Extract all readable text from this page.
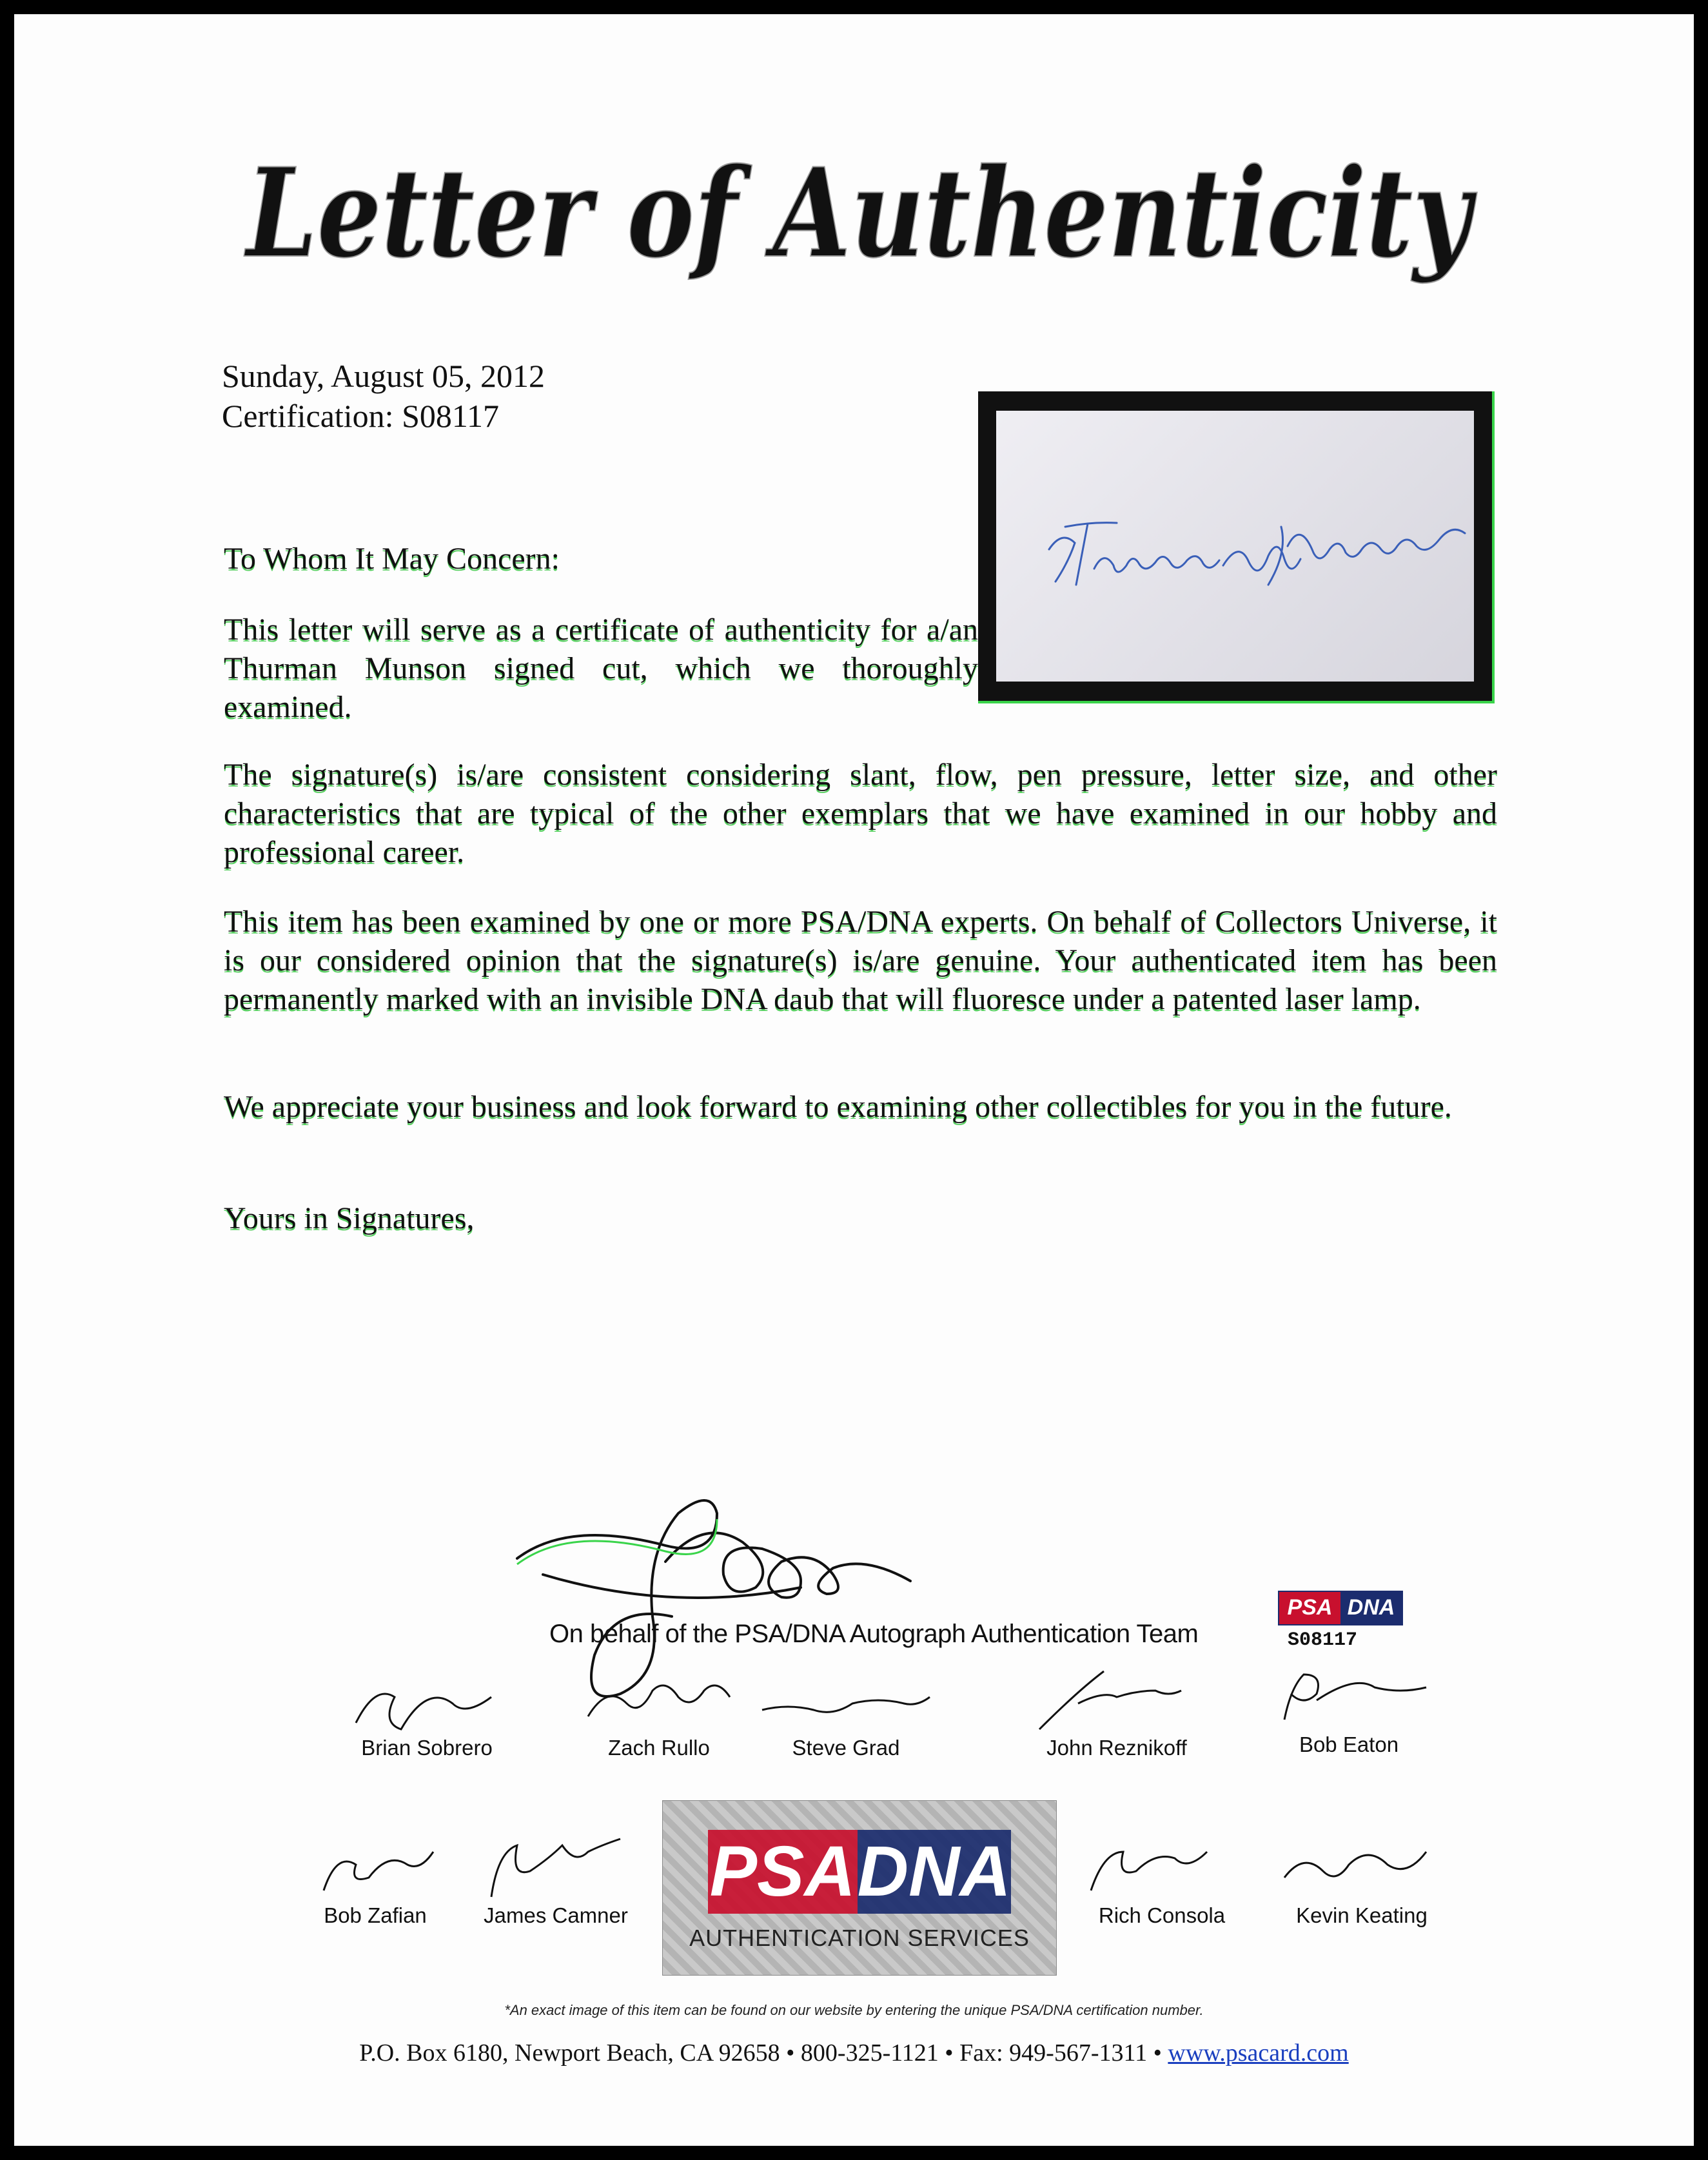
Letter of Authenticity
Sunday, August 05, 2012
Certification: S08117
To Whom It May Concern:
This letter will serve as a certificate of authenticity for a/an Thurman Munson signed cut, which we thoroughly examined.
The signature(s) is/are consistent considering slant, flow, pen pressure, letter size, and other characteristics that are typical of the other exemplars that we have examined in our hobby and professional career.
This item has been examined by one or more PSA/DNA experts. On behalf of Collectors Universe, it is our considered opinion that the signature(s) is/are genuine. Your authenticated item has been permanently marked with an invisible DNA daub that will fluoresce under a patented laser lamp.
We appreciate your business and look forward to examining other collectibles for you in the future.
Yours in Signatures,
On behalf of the PSA/DNA Autograph Authentication Team
PSA DNA
S08117
Brian Sobrero	Zach Rullo	Steve Grad	John Reznikoff	Bob Eaton
Bob Zafian	James Camner	Rich Consola	Kevin Keating
PSA DNA
AUTHENTICATION SERVICES
*An exact image of this item can be found on our website by entering the unique PSA/DNA certification number.
P.O. Box 6180, Newport Beach, CA 92658 • 800-325-1121 • Fax: 949-567-1311 • www.psacard.com
